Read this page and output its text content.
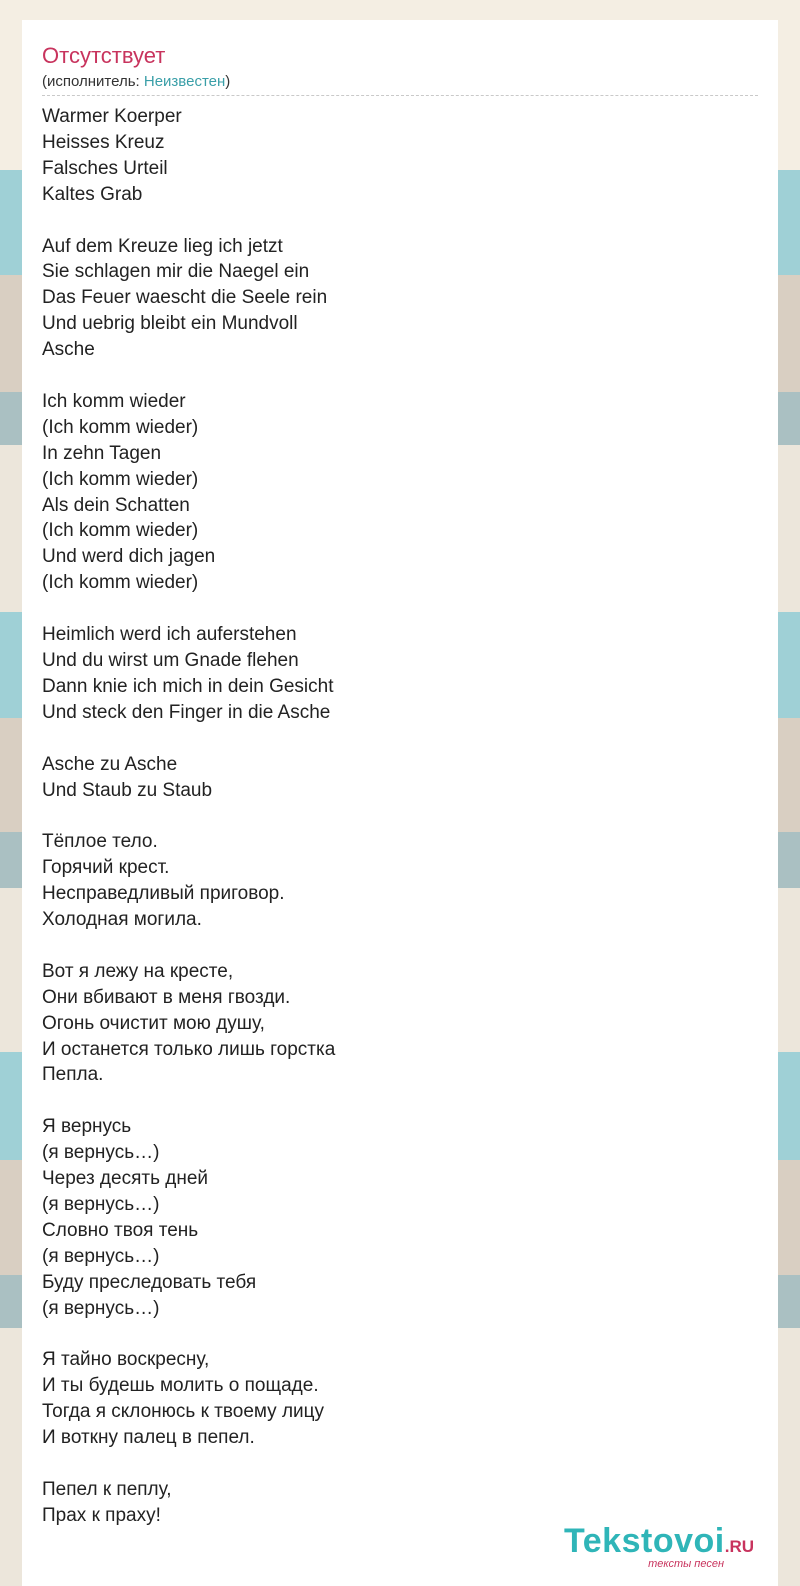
Отсутствует
(исполнитель: Неизвестен)
Warmer Koerper
Heisses Kreuz
Falsches Urteil
Kaltes Grab
Auf dem Kreuze lieg ich jetzt
Sie schlagen mir die Naegel ein
Das Feuer waescht die Seele rein
Und uebrig bleibt ein Mundvoll
Asche
Ich komm wieder
(Ich komm wieder)
In zehn Tagen
(Ich komm wieder)
Als dein Schatten
(Ich komm wieder)
Und werd dich jagen
(Ich komm wieder)
Heimlich werd ich auferstehen
Und du wirst um Gnade flehen
Dann knie ich mich in dein Gesicht
Und steck den Finger in die Asche
Asche zu Asche
Und Staub zu Staub
Тёплое тело.
Горячий крест.
Несправедливый приговор.
Холодная могила.
Вот я лежу на кресте,
Они вбивают в меня гвозди.
Огонь очистит мою душу,
И останется только лишь горстка
Пепла.
Я вернусь
(я вернусь…)
Через десять дней
(я вернусь…)
Словно твоя тень
(я вернусь…)
Буду преследовать тебя
(я вернусь…)
Я тайно воскресну,
И ты будешь молить о пощаде.
Тогда я склонюсь к твоему лицу
И воткну палец в пепел.
Пепел к пеплу,
Прах к праху!
Tekstovoi.RU
тексты песен
